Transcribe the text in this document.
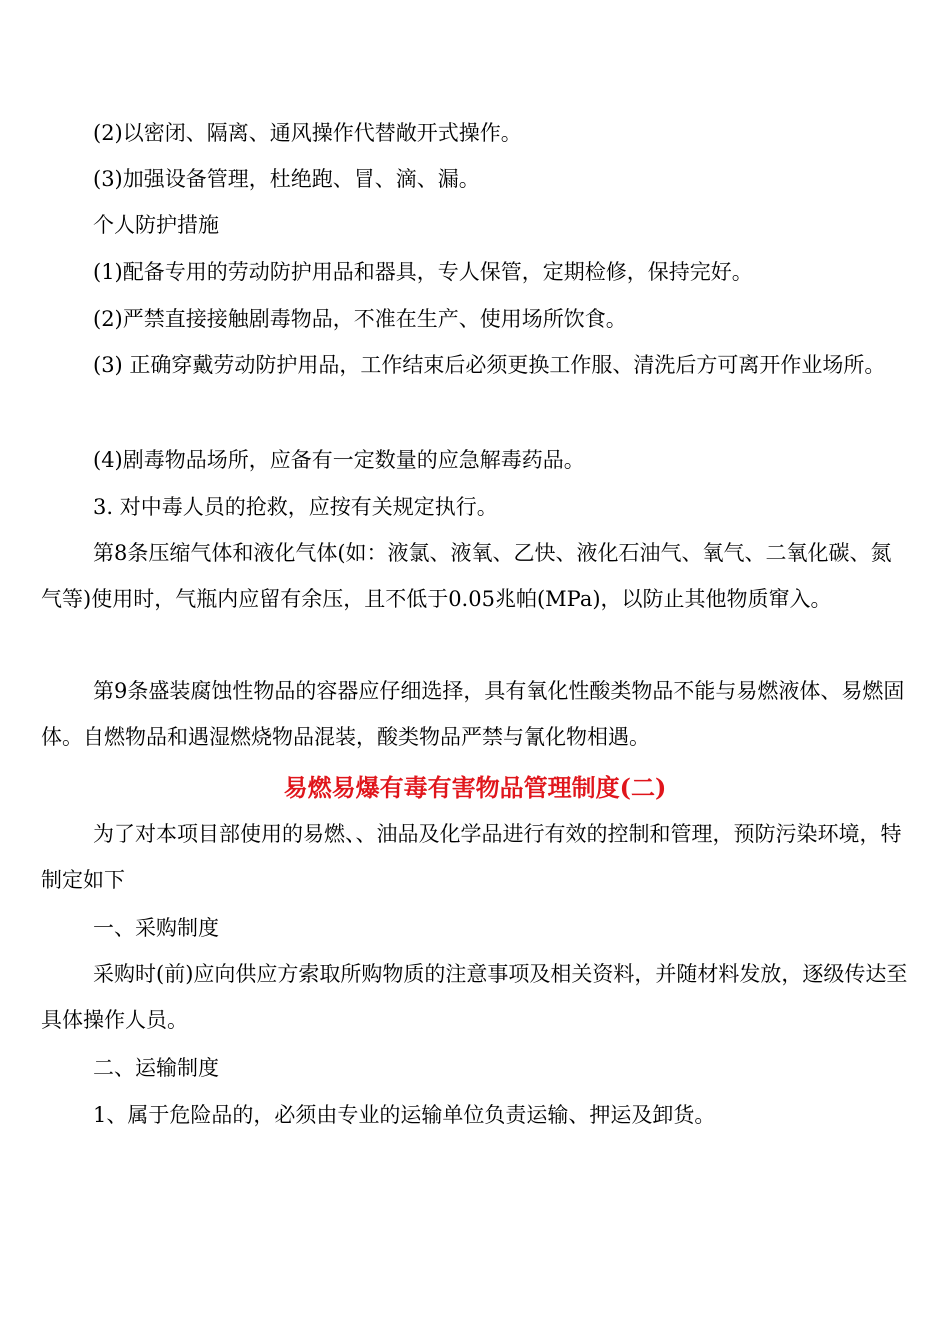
(2)以密闭、隔离、通风操作代替敞开式操作。

(3)加强设备管理，杜绝跑、冒、滴、漏。

个人防护措施

(1)配备专用的劳动防护用品和器具，专人保管，定期检修，保持完好。

(2)严禁直接接触剧毒物品，不准在生产、使用场所饮食。

(3) 正确穿戴劳动防护用品，工作结束后必须更换工作服、清洗后方可离开作业场所。

(4)剧毒物品场所，应备有一定数量的应急解毒药品。

3. 对中毒人员的抢救，应按有关规定执行。

第8条压缩气体和液化气体(如：液氯、液氧、乙快、液化石油气、氧气、二氧化碳、氮气等)使用时，气瓶内应留有余压，且不低于0.05兆帕(MPa)，以防止其他物质窜入。

第9条盛装腐蚀性物品的容器应仔细选择，具有氧化性酸类物品不能与易燃液体、易燃固体。自燃物品和遇湿燃烧物品混装，酸类物品严禁与氰化物相遇。

易燃易爆有毒有害物品管理制度(二)

为了对本项目部使用的易燃、、油品及化学品进行有效的控制和管理，预防污染环境，特制定如下

一、采购制度

采购时(前)应向供应方索取所购物质的注意事项及相关资料，并随材料发放，逐级传达至具体操作人员。

二、运输制度

1、属于危险品的，必须由专业的运输单位负责运输、押运及卸货。
